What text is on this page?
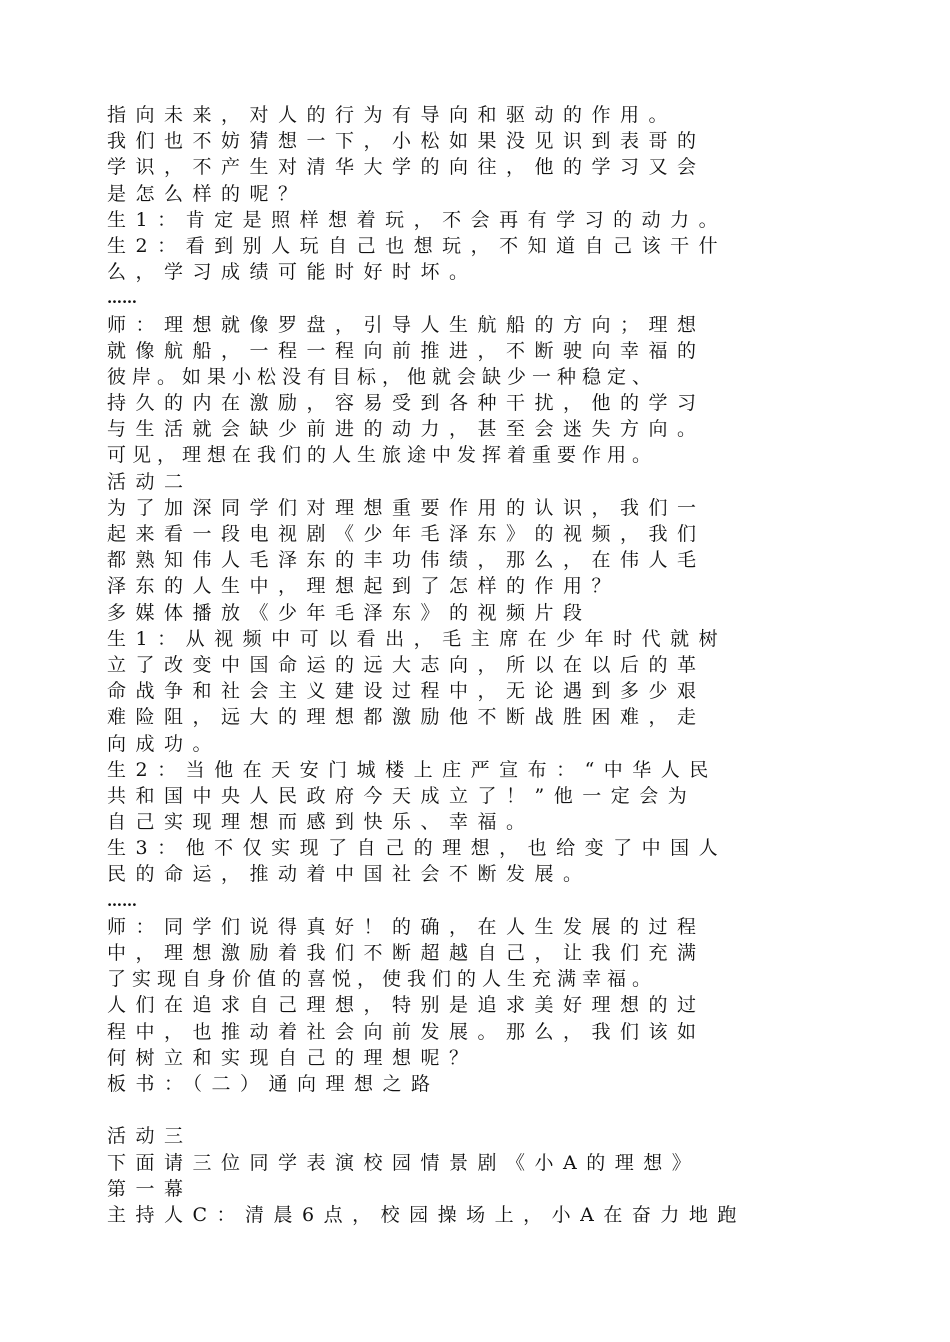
指向未来，对人的行为有导向和驱动的作用。

我们也不妨猜想一下，小松如果没见识到表哥的

学识，不产生对清华大学的向往，他的学习又会

是怎么样的呢？

生1：肯定是照样想着玩，不会再有学习的动力。

生2：看到别人玩自己也想玩，不知道自己该干什

么，学习成绩可能时好时坏。

……

师：理想就像罗盘，引导人生航船的方向；理想

就像航船，一程一程向前推进，不断驶向幸福的

彼岸。如果小松没有目标，他就会缺少一种稳定、

持久的内在激励，容易受到各种干扰，他的学习

与生活就会缺少前进的动力，甚至会迷失方向。

可见，理想在我们的人生旅途中发挥着重要作用。

活动二

为了加深同学们对理想重要作用的认识，我们一

起来看一段电视剧《少年毛泽东》的视频，我们

都熟知伟人毛泽东的丰功伟绩，那么，在伟人毛

泽东的人生中，理想起到了怎样的作用？

多媒体播放《少年毛泽东》的视频片段

生1：从视频中可以看出，毛主席在少年时代就树

立了改变中国命运的远大志向，所以在以后的革

命战争和社会主义建设过程中，无论遇到多少艰

难险阻，远大的理想都激励他不断战胜困难，走

向成功。

生2：当他在天安门城楼上庄严宣布：“中华人民

共和国中央人民政府今天成立了！”他一定会为

自己实现理想而感到快乐、幸福。

生3：他不仅实现了自己的理想，也给变了中国人

民的命运，推动着中国社会不断发展。

……

师：同学们说得真好！的确，在人生发展的过程

中，理想激励着我们不断超越自己，让我们充满

了实现自身价值的喜悦，使我们的人生充满幸福。

人们在追求自己理想，特别是追求美好理想的过

程中，也推动着社会向前发展。那么，我们该如

何树立和实现自己的理想呢？

板书：（二）通向理想之路

活动三

下面请三位同学表演校园情景剧《小A的理想》

第一幕

主持人C：清晨6点，校园操场上，小A在奋力地跑
